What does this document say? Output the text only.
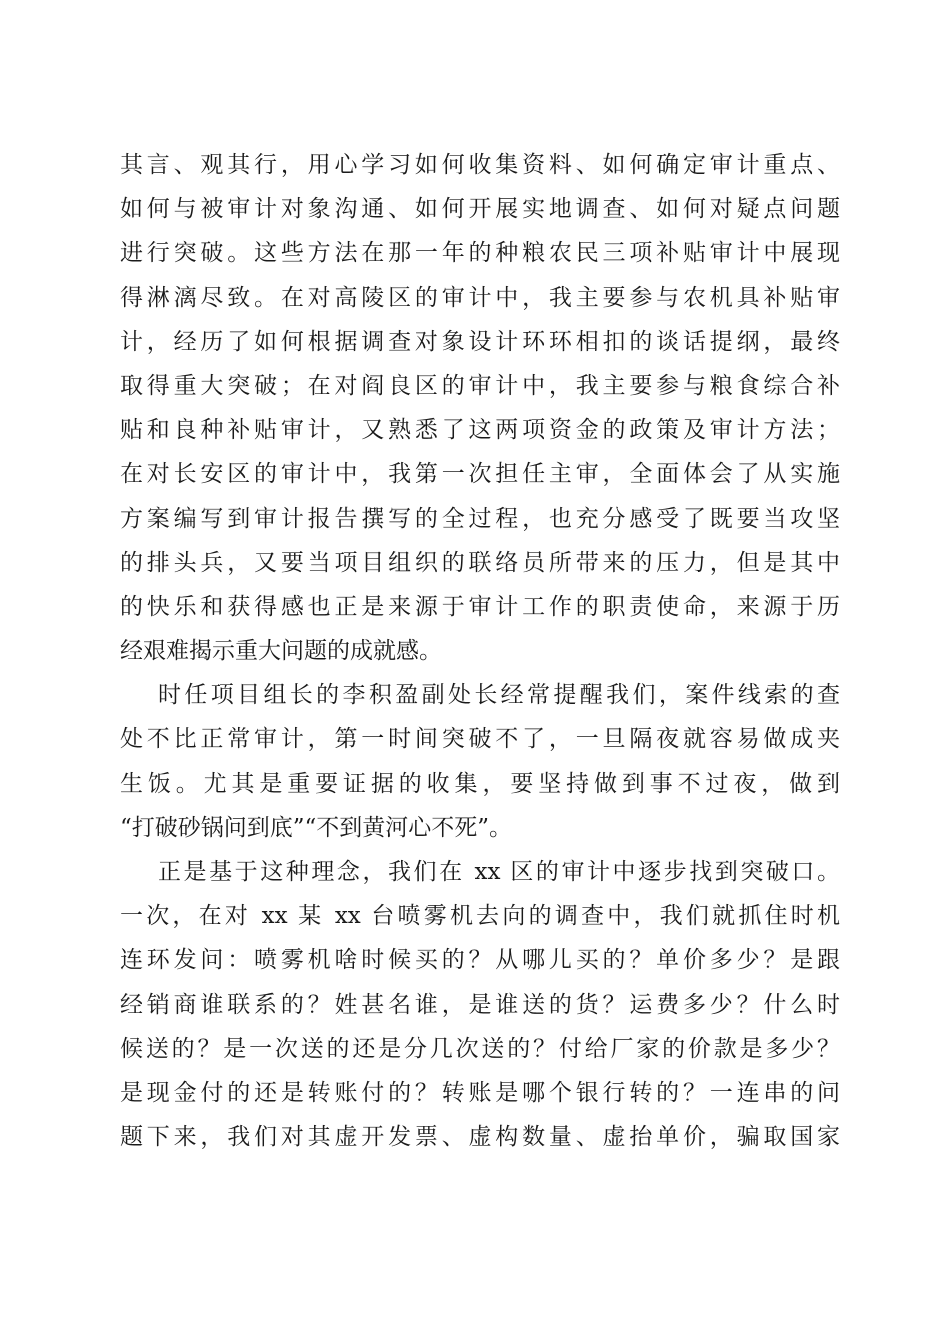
其言、观其行，用心学习如何收集资料、如何确定审计重点、
如何与被审计对象沟通、如何开展实地调查、如何对疑点问题
进行突破。这些方法在那一年的种粮农民三项补贴审计中展现
得淋漓尽致。在对高陵区的审计中，我主要参与农机具补贴审
计，经历了如何根据调查对象设计环环相扣的谈话提纲，最终
取得重大突破；在对阎良区的审计中，我主要参与粮食综合补
贴和良种补贴审计，又熟悉了这两项资金的政策及审计方法；
在对长安区的审计中，我第一次担任主审，全面体会了从实施
方案编写到审计报告撰写的全过程，也充分感受了既要当攻坚
的排头兵，又要当项目组织的联络员所带来的压力，但是其中
的快乐和获得感也正是来源于审计工作的职责使命，来源于历
经艰难揭示重大问题的成就感。
时任项目组长的李积盈副处长经常提醒我们，案件线索的查
处不比正常审计，第一时间突破不了，一旦隔夜就容易做成夹
生饭。尤其是重要证据的收集，要坚持做到事不过夜，做到
“打破砂锅问到底”“不到黄河心不死”。
正是基于这种理念，我们在 xx 区的审计中逐步找到突破口。
一次，在对 xx 某 xx 台喷雾机去向的调查中，我们就抓住时机
连环发问：喷雾机啥时候买的？从哪儿买的？单价多少？是跟
经销商谁联系的？姓甚名谁，是谁送的货？运费多少？什么时
候送的？是一次送的还是分几次送的？付给厂家的价款是多少？
是现金付的还是转账付的？转账是哪个银行转的？一连串的问
题下来，我们对其虚开发票、虚构数量、虚抬单价，骗取国家
